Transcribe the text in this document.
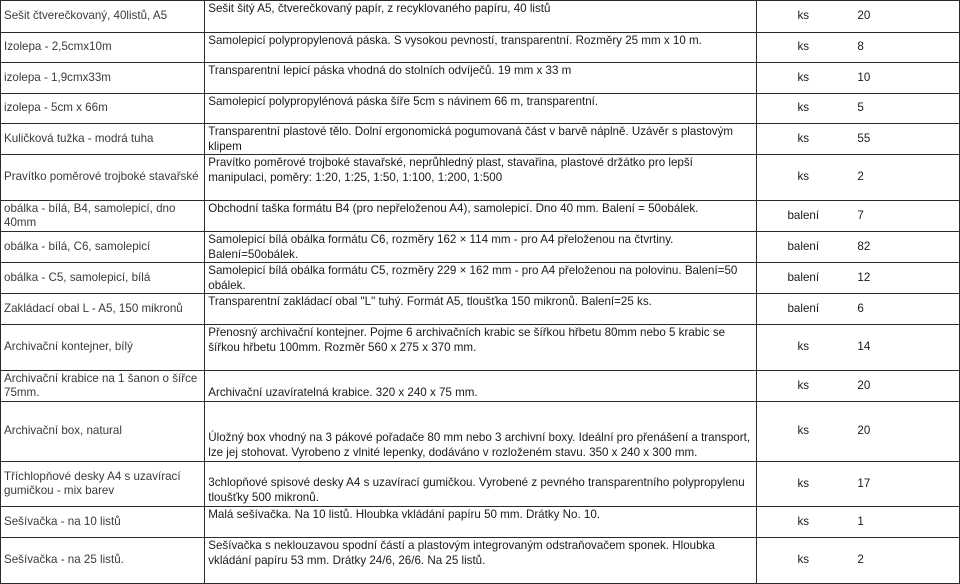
Sešit čtverečkovaný, 40listů, A5	Sešit šitý A5, čtverečkovaný papír, z recyklovaného papíru, 40 listů	ks	20
Izolepa - 2,5cmx10m	Samolepicí polypropylenová páska. S vysokou pevností, transparentní. Rozměry 25 mm x 10 m.	ks	8
izolepa - 1,9cmx33m	Transparentní lepicí páska vhodná do stolních odvíječů. 19 mm x 33 m	ks	10
izolepa - 5cm x 66m	Samolepicí polypropylénová páska šíře 5cm s návinem 66 m, transparentní.	ks	5
Kuličková tužka - modrá tuha	Transparentní plastové tělo. Dolní ergonomická pogumovaná část v barvě náplně. Uzávěr s plastovým klipem	ks	55
Pravítko poměrové trojboké stavařské	Pravítko poměrové trojboké stavařské, neprůhledný plast, stavařina, plastové držátko pro lepší manipulaci, poměry: 1:20, 1:25, 1:50, 1:100, 1:200, 1:500	ks	2
obálka - bílá, B4, samolepicí, dno 40mm	Obchodní taška formátu B4 (pro nepřeloženou A4), samolepicí. Dno 40 mm. Balení = 50obálek.	balení	7
obálka - bílá, C6, samolepicí	Samolepicí bílá obálka formátu C6, rozměry 162 × 114 mm - pro A4 přeloženou na čtvrtiny. Balení=50obálek.	balení	82
obálka - C5, samolepicí, bílá	Samolepicí bílá obálka formátu C5, rozměry 229 × 162 mm - pro A4 přeloženou na polovinu. Balení=50 obálek.	balení	12
Zakládací obal L - A5, 150 mikronů	Transparentní zakládací obal "L" tuhý. Formát A5, tloušťka 150 mikronů. Balení=25 ks.	balení	6
Archivační kontejner, bílý	Přenosný archivační kontejner. Pojme 6 archivačních krabic se šířkou hřbetu 80mm nebo 5 krabic se šířkou hřbetu 100mm. Rozměr 560 x 275 x 370 mm.	ks	14
Archivační krabice na 1 šanon o šířce 75mm.	Archivační uzavíratelná krabice. 320 x 240 x 75 mm.	ks	20
Archivační box, natural	Úložný box vhodný na 3 pákové pořadače 80 mm nebo 3 archivní boxy. Ideální pro přenášení a transport, lze jej stohovat. Vyrobeno z vlnité lepenky, dodáváno v rozloženém stavu. 350 x 240 x 300 mm.	ks	20
Tříchlopňové desky A4 s uzavírací gumičkou - mix barev	3chlopňové spisové desky A4 s uzavírací gumičkou. Vyrobené z pevného transparentního polypropylenu tloušťky 500 mikronů.	ks	17
Sešívačka - na 10 listů	Malá sešívačka. Na 10 listů. Hloubka vkládání papíru 50 mm. Drátky No. 10.	ks	1
Sešívačka - na 25 listů.	Sešívačka s neklouzavou spodní částí a plastovým integrovaným odstraňovačem sponek. Hloubka vkládání papíru 53 mm. Drátky 24/6, 26/6. Na 25 listů.	ks	2
